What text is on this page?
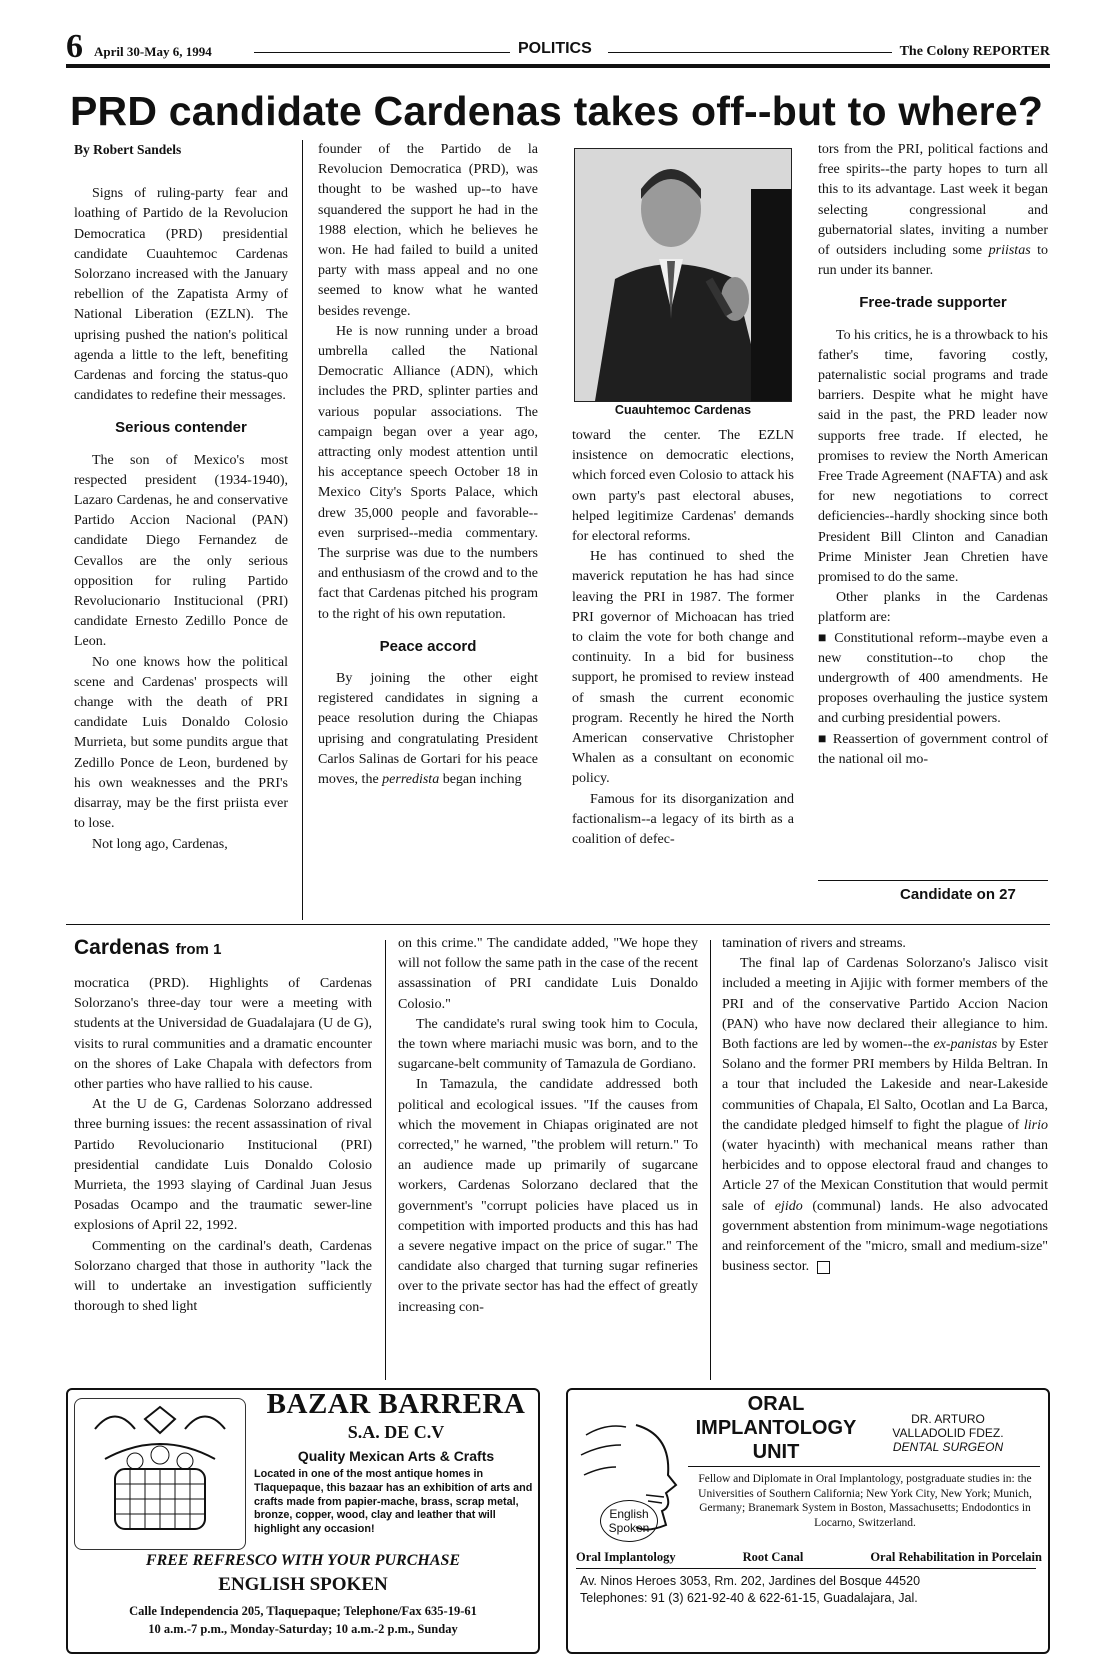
6 April 30-May 6, 1994	POLITICS	The Colony REPORTER
PRD candidate Cardenas takes off--but to where?

By Robert Sandels

Signs of ruling-party fear and loathing of Partido de la Revolucion Democratica (PRD) presidential candidate Cuauhtemoc Cardenas Solorzano increased with the January rebellion of the Zapatista Army of National Liberation (EZLN). The uprising pushed the nation's political agenda a little to the left, benefiting Cardenas and forcing the status-quo candidates to redefine their messages.

Serious contender

The son of Mexico's most respected president (1934-1940), Lazaro Cardenas, he and conservative Partido Accion Nacional (PAN) candidate Diego Fernandez de Cevallos are the only serious opposition for ruling Partido Revolucionario Institucional (PRI) candidate Ernesto Zedillo Ponce de Leon.

No one knows how the political scene and Cardenas' prospects will change with the death of PRI candidate Luis Donaldo Colosio Murrieta, but some pundits argue that Zedillo Ponce de Leon, burdened by his own weaknesses and the PRI's disarray, may be the first priista ever to lose.

Not long ago, Cardenas,

founder of the Partido de la Revolucion Democratica (PRD), was thought to be washed up--to have squandered the support he had in the 1988 election, which he believes he won. He had failed to build a united party with mass appeal and no one seemed to know what he wanted besides revenge.

He is now running under a broad umbrella called the National Democratic Alliance (ADN), which includes the PRD, splinter parties and various popular associations. The campaign began over a year ago, attracting only modest attention until his acceptance speech October 18 in Mexico City's Sports Palace, which drew 35,000 people and favorable--even surprised--media commentary. The surprise was due to the numbers and enthusiasm of the crowd and to the fact that Cardenas pitched his program to the right of his own reputation.

Peace accord

By joining the other eight registered candidates in signing a peace resolution during the Chiapas uprising and congratulating President Carlos Salinas de Gortari for his peace moves, the perredista began inching

Cuauhtemoc Cardenas

toward the center. The EZLN insistence on democratic elections, which forced even Colosio to attack his own party's past electoral abuses, helped legitimize Cardenas' demands for electoral reforms.

He has continued to shed the maverick reputation he has had since leaving the PRI in 1987. The former PRI governor of Michoacan has tried to claim the vote for both change and continuity. In a bid for business support, he promised to review instead of smash the current economic program. Recently he hired the North American conservative Christopher Whalen as a consultant on economic policy.

Famous for its disorganization and factionalism--a legacy of its birth as a coalition of defec-

tors from the PRI, political factions and free spirits--the party hopes to turn all this to its advantage. Last week it began selecting congressional and gubernatorial slates, inviting a number of outsiders including some priistas to run under its banner.

Free-trade supporter

To his critics, he is a throwback to his father's time, favoring costly, paternalistic social programs and trade barriers. Despite what he might have said in the past, the PRD leader now supports free trade. If elected, he promises to review the North American Free Trade Agreement (NAFTA) and ask for new negotiations to correct deficiencies--hardly shocking since both President Bill Clinton and Canadian Prime Minister Jean Chretien have promised to do the same.

Other planks in the Cardenas platform are:

■ Constitutional reform--maybe even a new constitution--to chop the undergrowth of 400 amendments. He proposes overhauling the justice system and curbing presidential powers.

■ Reassertion of government control of the national oil mo-

Candidate on 27
Cardenas from 1

mocratica (PRD). Highlights of Cardenas Solorzano's three-day tour were a meeting with students at the Universidad de Guadalajara (U de G), visits to rural communities and a dramatic encounter on the shores of Lake Chapala with defectors from other parties who have rallied to his cause.

At the U de G, Cardenas Solorzano addressed three burning issues: the recent assassination of rival Partido Revolucionario Institucional (PRI) presidential candidate Luis Donaldo Colosio Murrieta, the 1993 slaying of Cardinal Juan Jesus Posadas Ocampo and the traumatic sewer-line explosions of April 22, 1992.

Commenting on the cardinal's death, Cardenas Solorzano charged that those in authority "lack the will to undertake an investigation sufficiently thorough to shed light

on this crime." The candidate added, "We hope they will not follow the same path in the case of the recent assassination of PRI candidate Luis Donaldo Colosio."

The candidate's rural swing took him to Cocula, the town where mariachi music was born, and to the sugarcane-belt community of Tamazula de Gordiano.

In Tamazula, the candidate addressed both political and ecological issues. "If the causes from which the movement in Chiapas originated are not corrected," he warned, "the problem will return." To an audience made up primarily of sugarcane workers, Cardenas Solorzano declared that the government's "corrupt policies have placed us in competition with imported products and this has had a severe negative impact on the price of sugar." The candidate also charged that turning sugar refineries over to the private sector has had the effect of greatly increasing con-

tamination of rivers and streams.

The final lap of Cardenas Solorzano's Jalisco visit included a meeting in Ajijic with former members of the PRI and of the conservative Partido Accion Nacion (PAN) who have now declared their allegiance to him. Both factions are led by women--the ex-panistas by Ester Solano and the former PRI members by Hilda Beltran. In a tour that included the Lakeside and near-Lakeside communities of Chapala, El Salto, Ocotlan and La Barca, the candidate pledged himself to fight the plague of lirio (water hyacinth) with mechanical means rather than herbicides and to oppose electoral fraud and changes to Article 27 of the Mexican Constitution that would permit sale of ejido (communal) lands. He also advocated government abstention from minimum-wage negotiations and reinforcement of the "micro, small and medium-size" business sector.

BAZAR BARRERA
S.A. DE C.V
Quality Mexican Arts & Crafts
Located in one of the most antique homes in Tlaquepaque, this bazaar has an exhibition of arts and crafts made from papier-mache, brass, scrap metal, bronze, copper, wood, clay and leather that will highlight any occasion!
FREE REFRESCO WITH YOUR PURCHASE
ENGLISH SPOKEN
Calle Independencia 205, Tlaquepaque; Telephone/Fax 635-19-61
10 a.m.-7 p.m., Monday-Saturday; 10 a.m.-2 p.m., Sunday
ORAL
IMPLANTOLOGY
UNIT
DR. ARTURO
VALLADOLID FDEZ.
DENTAL SURGEON
Fellow and Diplomate in Oral Implantology, postgraduate studies in: the Universities of Southern California; New York City, New York; Munich, Germany; Branemark System in Boston, Massachusetts; Endodontics in Locarno, Switzerland.
English
Spoken
Oral Implantology	Root Canal	Oral Rehabilitation in Porcelain
Av. Ninos Heroes 3053, Rm. 202, Jardines del Bosque 44520
Telephones: 91 (3) 621-92-40 & 622-61-15, Guadalajara, Jal.
